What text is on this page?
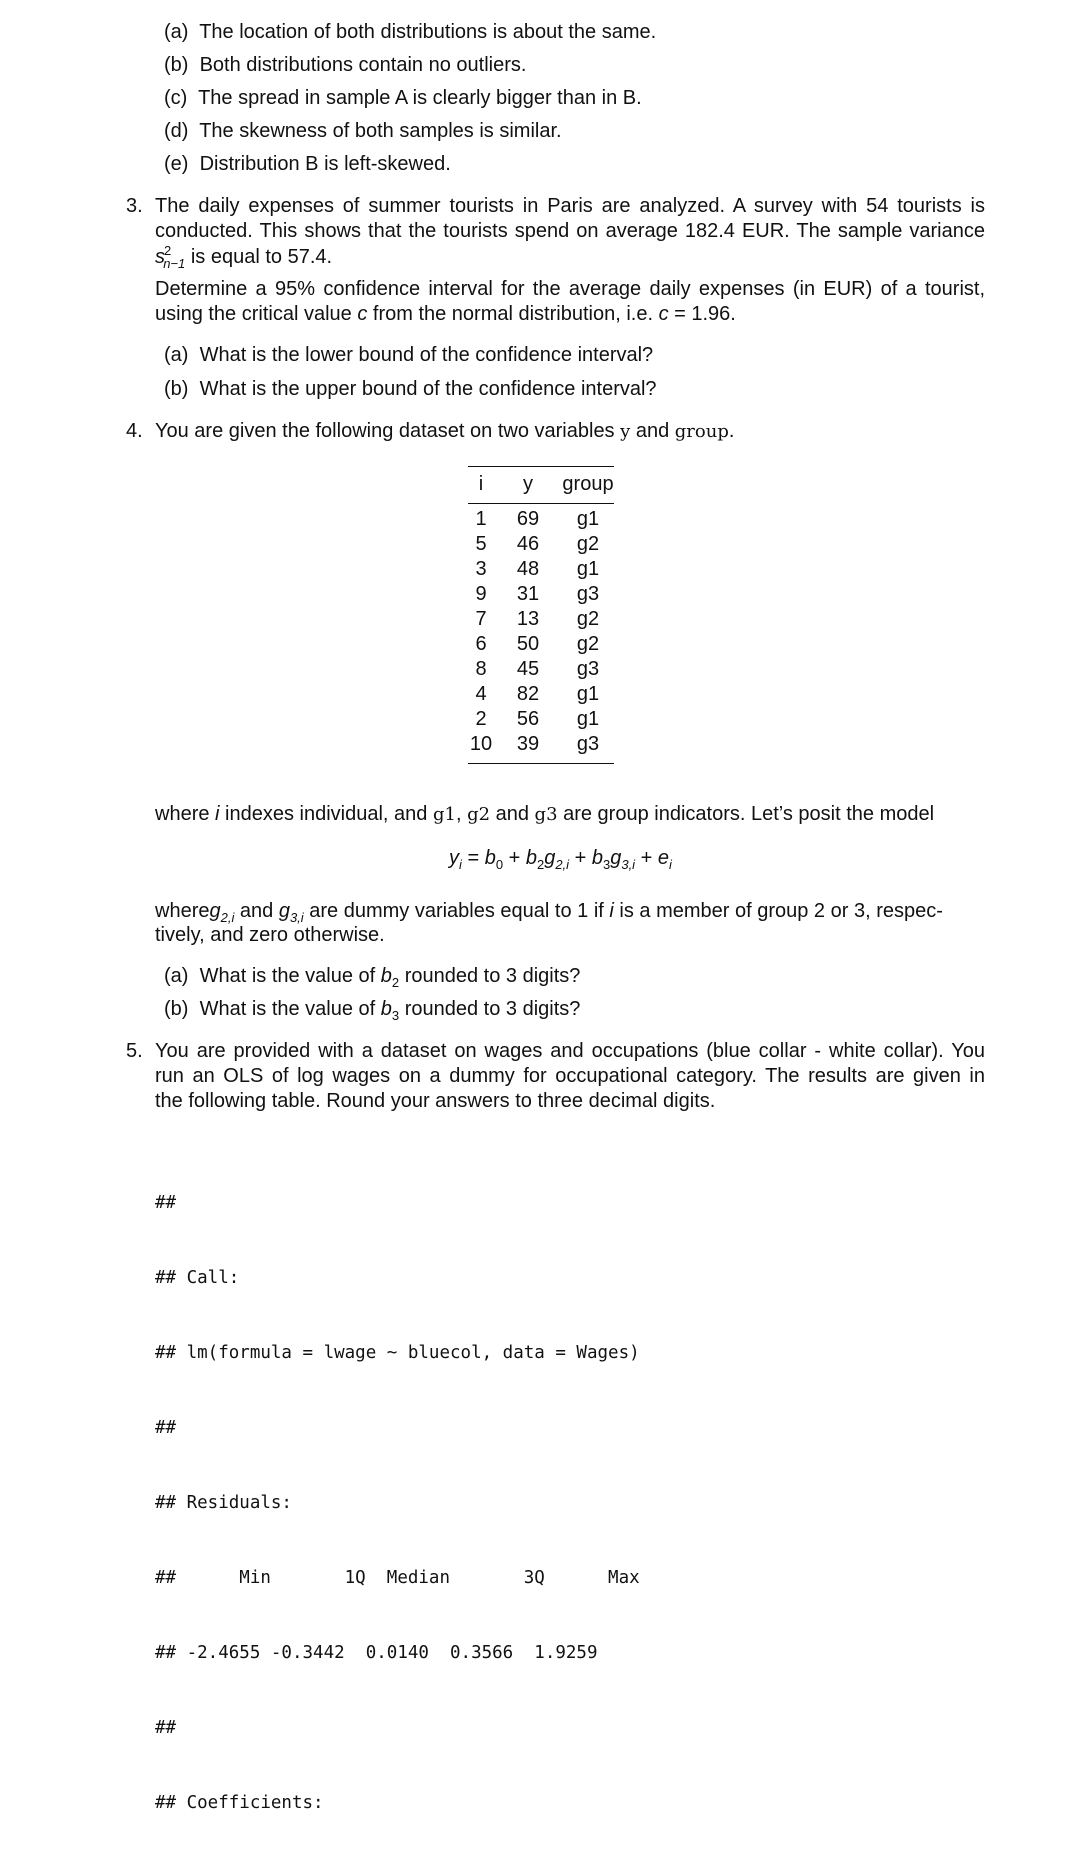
(a) The location of both distributions is about the same.
(b) Both distributions contain no outliers.
(c) The spread in sample A is clearly bigger than in B.
(d) The skewness of both samples is similar.
(e) Distribution B is left-skewed.
3. The daily expenses of summer tourists in Paris are analyzed. A survey with 54 tourists is
conducted. This shows that the tourists spend on average 182.4 EUR. The sample variance
$s^2_{n-1}$ is equal to 57.4.
Determine a 95% confidence interval for the average daily expenses (in EUR) of a tourist,
using the critical value c from the normal distribution, i.e. c = 1.96.
(a) What is the lower bound of the confidence interval?
(b) What is the upper bound of the confidence interval?
4. You are given the following dataset on two variables y and group.
i	y	group
1	69	g1
5	46	g2
3	48	g1
9	31	g3
7	13	g2
6	50	g2
8	45	g3
4	82	g1
2	56	g1
10	39	g3
where i indexes individual, and g1, g2 and g3 are group indicators. Let’s posit the model
$y_i = b_0 + b_2g_{2,i} + b_3g_{3,i} + e_i$
whereg$_{2,i}$ and $g_{3,i}$ are dummy variables equal to 1 if i is a member of group 2 or 3, respec-
tively, and zero otherwise.
(a) What is the value of $b_2$ rounded to 3 digits?
(b) What is the value of $b_3$ rounded to 3 digits?
5. You are provided with a dataset on wages and occupations (blue collar - white collar). You
run an OLS of log wages on a dummy for occupational category. The results are given in
the following table. Round your answers to three decimal digits.

##

## Call:

## lm(formula = lwage ~ bluecol, data = Wages)

##

## Residuals:

##      Min       1Q  Median       3Q      Max

## -2.4655 -0.3442  0.0140  0.3566  1.9259

##

## Coefficients:
